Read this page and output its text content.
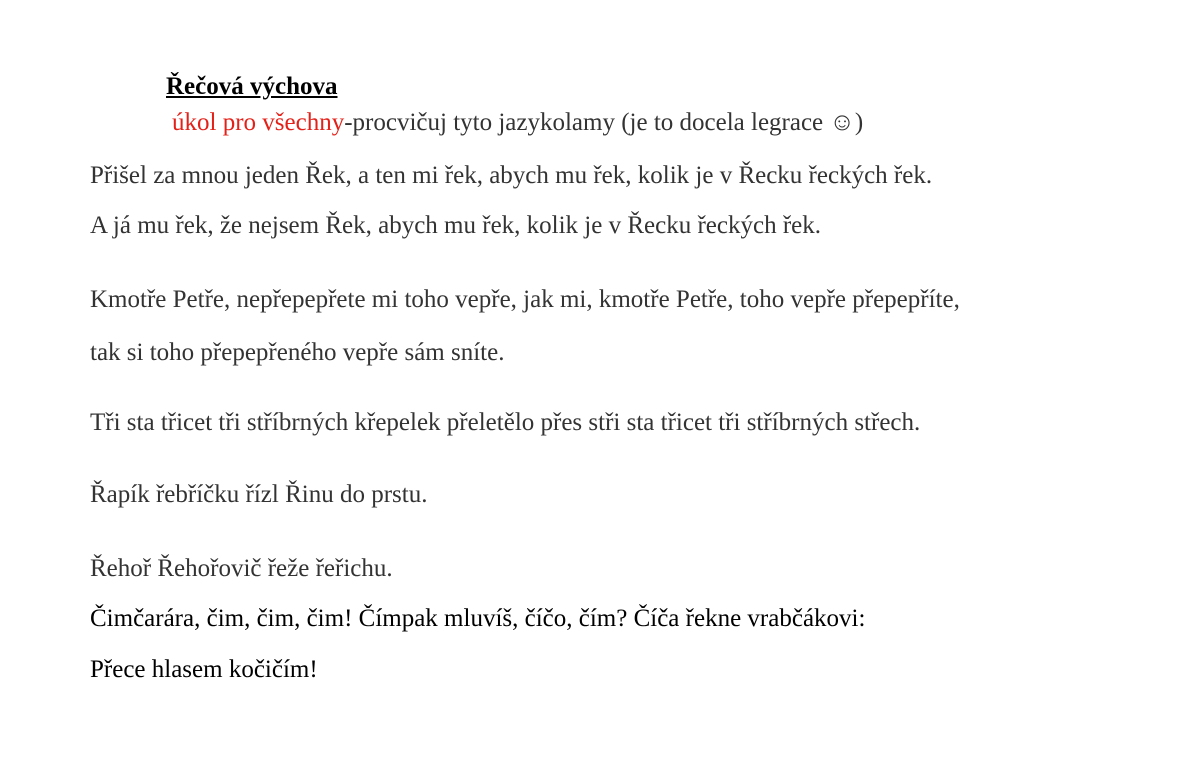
Řečová výchova
úkol pro všechny-procvičuj tyto jazykolamy (je to docela legrace ☺)
Přišel za mnou jeden Řek, a ten mi řek, abych mu řek, kolik je v Řecku řeckých řek.
A já mu řek, že nejsem Řek, abych mu řek, kolik je v Řecku řeckých řek.
Kmotře Petře, nepřepepřete mi toho vepře, jak mi, kmotře Petře, toho vepře přepepříte,
tak si toho přepepřeného vepře sám sníte.
Tři sta třicet tři stříbrných křepelek přeletělo přes stři sta třicet tři stříbrných střech.
Řapík řebříčku řízl Řinu do prstu.
Řehoř Řehořovič řeže řeřichu.
Čimčarára, čim, čim, čim! Čímpak mluvíš, číčo, čím? Číča řekne vrabčákovi:
Přece hlasem kočičím!
